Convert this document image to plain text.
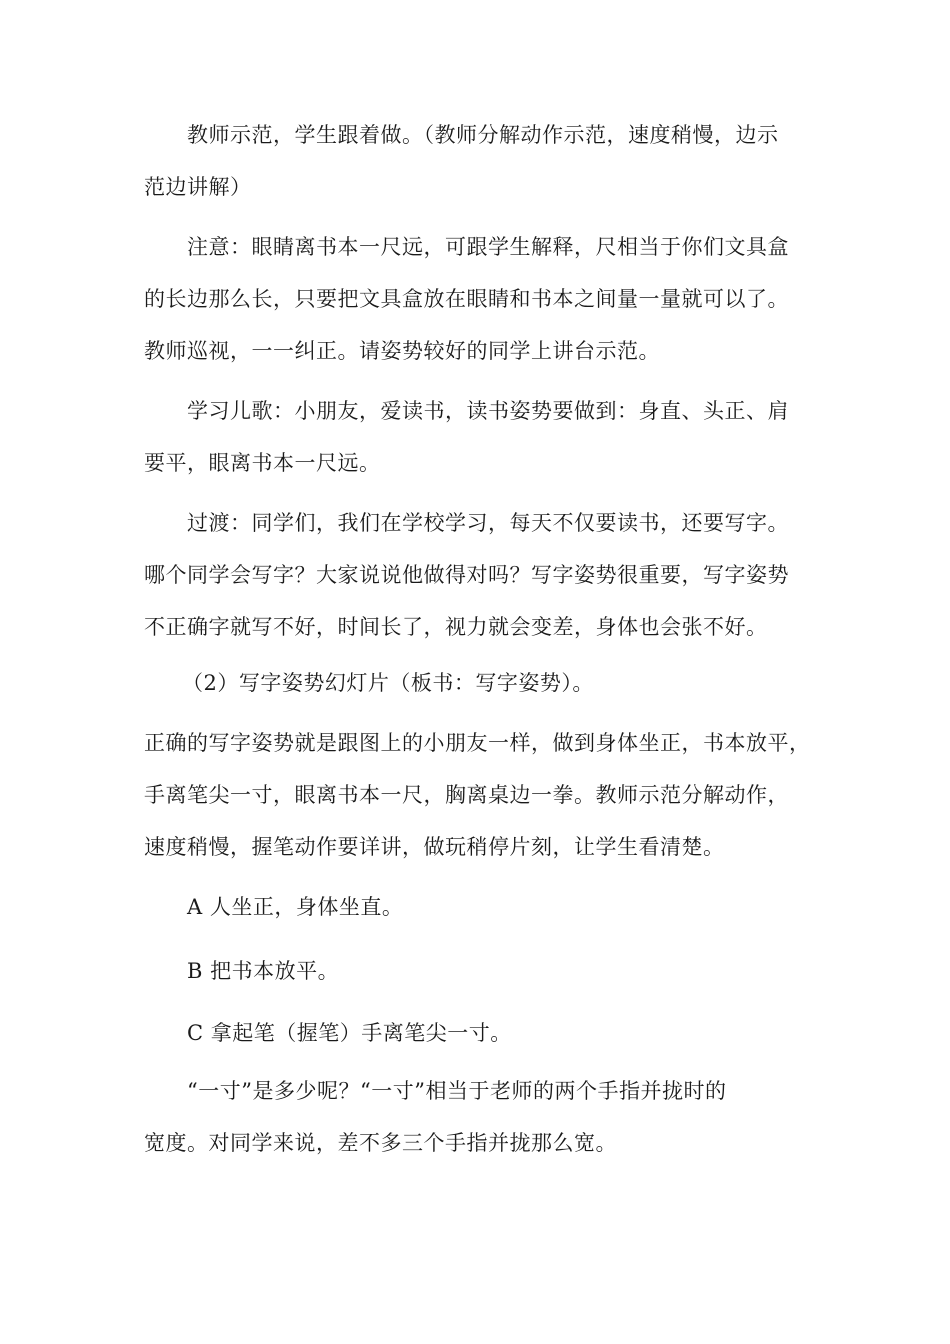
教师示范，学生跟着做。（教师分解动作示范，速度稍慢，边示
范边讲解）
注意：眼睛离书本一尺远，可跟学生解释，尺相当于你们文具盒
的长边那么长，只要把文具盒放在眼睛和书本之间量一量就可以了。
教师巡视，一一纠正。请姿势较好的同学上讲台示范。
学习儿歌：小朋友，爱读书，读书姿势要做到：身直、头正、肩
要平，眼离书本一尺远。
过渡：同学们，我们在学校学习，每天不仅要读书，还要写字。
哪个同学会写字？大家说说他做得对吗？写字姿势很重要，写字姿势
不正确字就写不好，时间长了，视力就会变差，身体也会张不好。
（2）写字姿势幻灯片（板书：写字姿势）。
正确的写字姿势就是跟图上的小朋友一样，做到身体坐正，书本放平，
手离笔尖一寸，眼离书本一尺，胸离桌边一拳。教师示范分解动作，
速度稍慢，握笔动作要详讲，做玩稍停片刻，让学生看清楚。
A 人坐正，身体坐直。
B 把书本放平。
C 拿起笔（握笔）手离笔尖一寸。
“一寸”是多少呢？“一寸”相当于老师的两个手指并拢时的
宽度。对同学来说，差不多三个手指并拢那么宽。
